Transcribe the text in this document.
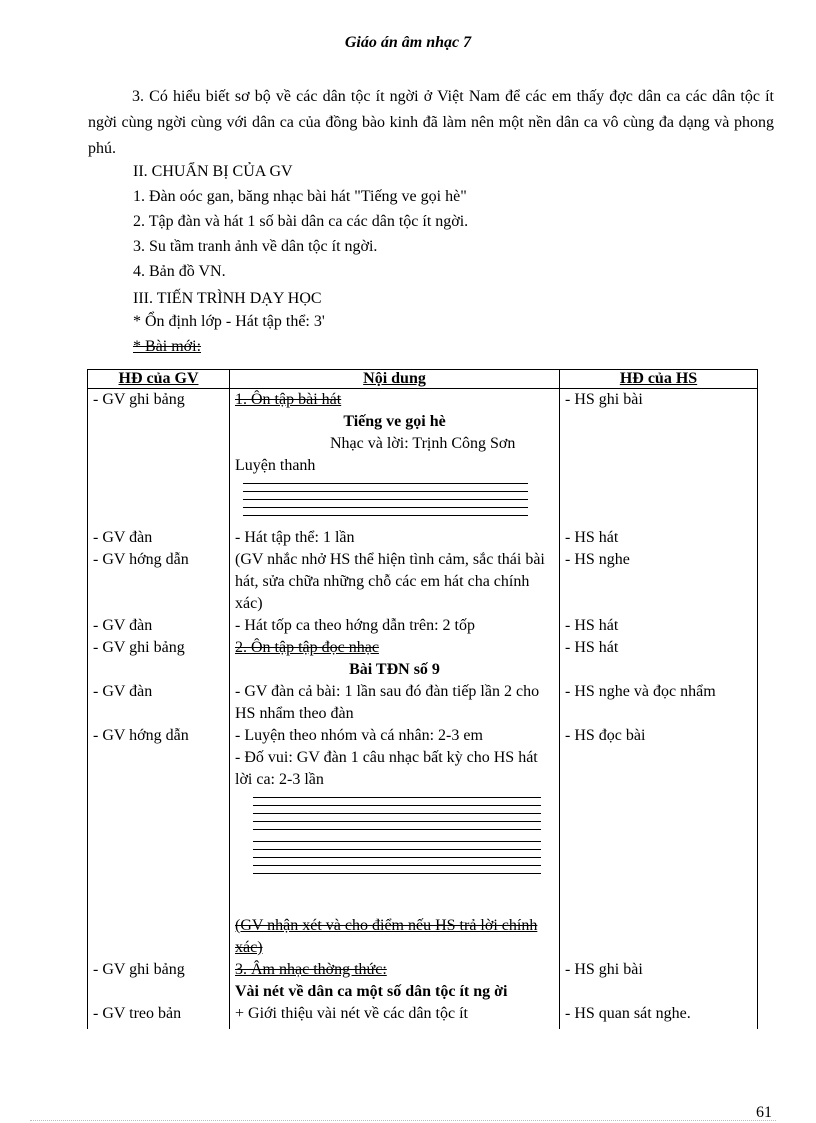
Giáo án âm nhạc 7
3. Có hiểu biết sơ bộ về các dân tộc ít ngời ở Việt Nam để các em thấy đợc dân ca các dân tộc ít ngời cùng ngời cùng với dân ca của đồng bào kinh đã làm nên một nền dân ca vô cùng đa dạng và phong phú.
II. CHUẨN BỊ CỦA GV
1. Đàn oóc gan, băng nhạc bài hát "Tiếng ve gọi hè"
2. Tập đàn và hát 1 số bài dân ca các dân tộc ít ngời.
3. Su tầm tranh ảnh về dân tộc ít ngời.
4. Bản đồ VN.
III. TIẾN TRÌNH DẠY HỌC
* Ổn định lớp - Hát tập thể: 3'
* Bài mới:
HĐ của GV	Nội dung	HĐ của HS
- GV ghi bảng	1. Ôn tập bài hát
Tiếng ve gọi hè
Nhạc và lời: Trịnh Công Sơn
Luyện thanh	- HS ghi bài
- GV đàn	- Hát tập thể: 1 lần	- HS hát
- GV hớng dẫn	(GV nhắc nhở HS thể hiện tình cảm, sắc thái bài hát, sửa chữa những chỗ các em hát cha chính xác)	- HS nghe
- GV đàn	- Hát tốp ca theo hớng dẫn trên: 2 tốp	- HS hát
- GV ghi bảng	2. Ôn tập tập đọc nhạc
Bài TĐN số 9	- HS hát
- GV đàn	- GV đàn cả bài: 1 lần sau đó đàn tiếp lần 2 cho HS nhẩm theo đàn	- HS nghe và đọc nhẩm
- GV hớng dẫn	- Luyện theo nhóm và cá nhân: 2-3 em
- Đố vui: GV đàn 1 câu nhạc bất kỳ cho HS hát lời ca: 2-3 lần
(GV nhận xét và cho điểm nếu HS trả lời chính xác)	- HS đọc bài
- GV ghi bảng	3. Âm nhạc thờng thức:
Vài nét về dân ca một số dân tộc ít ng ời	- HS ghi bài
- GV treo bản	+ Giới thiệu vài nét về các dân tộc ít	- HS quan sát nghe.
61
